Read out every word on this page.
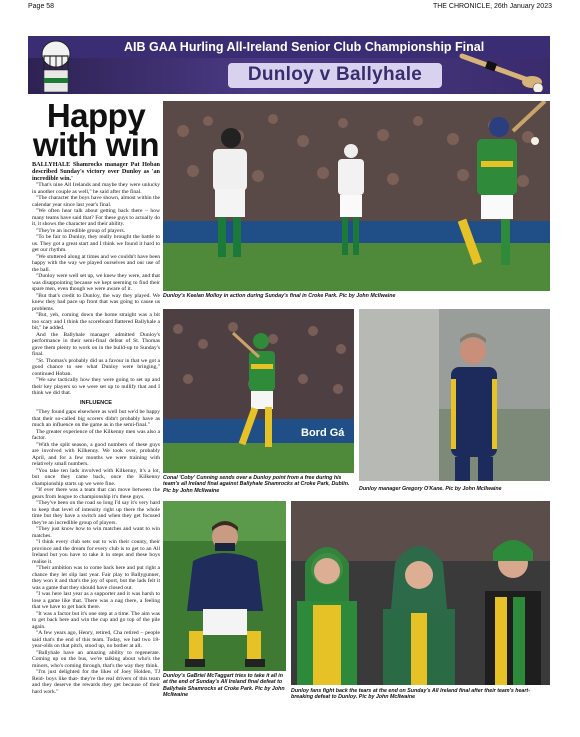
Page 58	THE CHRONICLE, 26th January 2023
AIB GAA Hurling All-Ireland Senior Club Championship Final
Dunloy v Ballyhale
Happy with win

BALLYHALE Shamrocks manager Pat Hoban described Sunday's victory over Dunloy as 'an incredible win.'

"That's nine All Irelands and maybe they were unlucky in another couple as well," he said after the final.

"The character the boys have shown, almost within the calendar year since last year's final.

"We often hear talk about getting back there – how many teams have said that? For these guys to actually do it, it shows the character and their ability.

"They're an incredible group of players.

"To be fair to Dunloy, they really brought the battle to us. They got a great start and I think we found it hard to get our rhythm.

"We stuttered along at times and we couldn't have been happy with the way we played ourselves and our use of the ball.

"Dunloy were well set up, we knew they were, and that was disappointing because we kept seeming to find their spare men, even though we were aware of it.

"But that's credit to Dunloy, the way they played. We knew they had pace up front that was going to cause us problems.

"But, yeh, coming down the home straight was a bit too scary and I think the scoreboard flattered Ballyhale a bit," he added.

And the Ballyhale manager admitted Dunloy's performance in their semi-final defeat of St. Thomas gave them plenty to work on in the build-up to Sunday's final.

"St. Thomas's probably did us a favour in that we got a good chance to see what Dunloy were bringing," continued Hoban.

"We saw tactically how they were going to set up and their key players so we were set up to nullify that and I think we did that.

INFLUENCE

"They found gaps elsewhere as well but we'd be happy that their so-called big scorers didn't probably have as much an influence on the game as in the semi-final."

The greater experience of the Kilkenny men was also a factor.

"With the split season, a good numbers of these guys are involved with Kilkenny. We took over, probably April, and for a few months we were training with relatively small numbers.

"You take ten lads involved with Kilkenny, it's a lot, but once they came back, once the Kilkenny championship starts up we were fine.

"If ever there was a team that can move between the gears from league to championship it's these guys.

"They've been on the road so long I'd say it's very hard to keep that level of intensity right up there the whole time but they have a switch and when they get focused they're an incredible group of players.

"They just know how to win matches and want to win matches.

"I think every club sets out to win their county, their province and the dream for every club is to get to an All Ireland but you have to take it in steps and these boys realise it.

"Their ambition was to come back here and put right a chance they let slip last year. Fair play to Ballygunner, they won it and that's the joy of sport, but the lads felt it was a game that they should have closed out.

"I was here last year as a supporter and it was harsh to lose a game like that. There was a nag there, a feeling that we have to get back there.

"It was a factor but it's one step at a time. The aim was to get back here and win the cup and go top of the pile again.

"A few years ago, Henry, retired, Cha retired – people said that's the end of this team. Today, we had two 18-year-olds on that pitch, stood up, no bother at all.

"Ballyhale have an amazing ability to regenerate. Coming up on the bus, we're talking about who's the minors, who's coming through, that's the way they think.

"I'm just delighted for the likes of Joey Holden, TJ Reid- boys like that- they're the real drivers of this team and they deserve the rewards they get because of their hard work."

Dunloy's Keelan Molloy in action during Sunday's final in Croke Park. Pic by John McIlwaine
Bord Gá
Conal 'Coby' Cunning sends over a Dunloy point from a free during his team's all Ireland final against Ballyhale Shamrocks at Croke Park, Dublin. Pic by John McIlwaine	Dunloy manager Gregory O'Kane. Pic by John McIlwaine
Dunloy's GaBriel McTaggart tries to take it all in at the end of Sunday's All Ireland final defeat to Ballyhale Shamrocks at Croke Park. Pic by John McIlwaine
Dunloy fans fight back the tears at the end on Sunday's All Ireland final after their team's heart-breaking defeat to Dunloy. Pic by John McIlwaine
